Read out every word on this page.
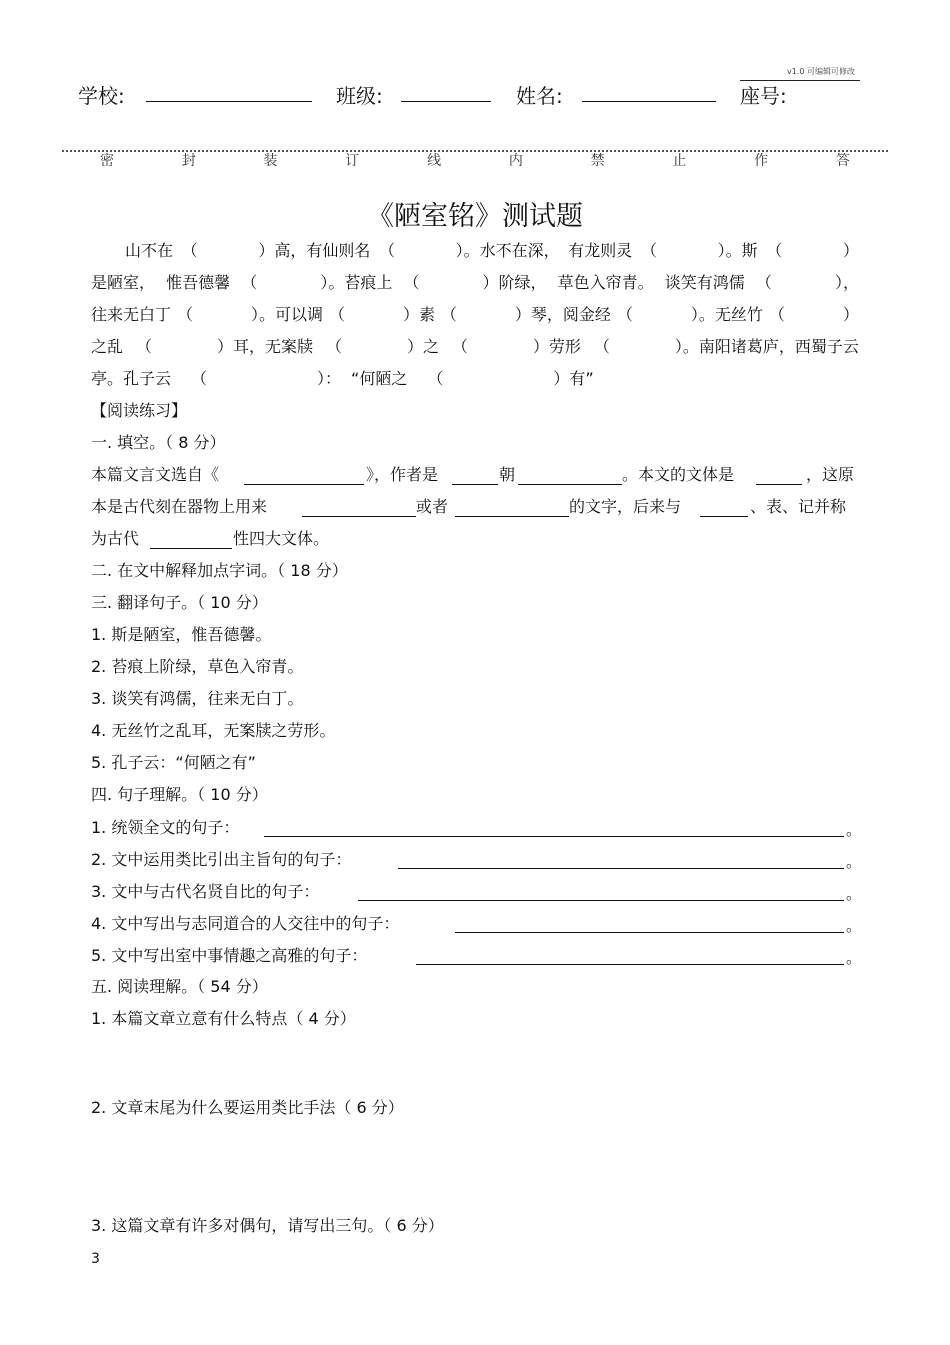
v1.0 可编辑可修改
学校:	班级:	姓名:	座号:
密	封	装	订	线	内	禁	止	作	答
《陋室铭》测试题
山不在 （	）高，有仙则名 （	）。水不在深， 有龙则灵 （	）。斯 （	）
是陋室， 惟吾德馨 （	）。苔痕上 （	）阶绿， 草色入帘青。 谈笑有鸿儒 （	），
往来无白丁 （	）。可以调 （	）素 （	）琴，阅金经 （	）。无丝竹 （	）
之乱 （	）耳，无案牍 （	）之 （	）劳形 （	）。南阳诸葛庐，西蜀子云
亭。孔子云 （	）： “何陋之 （	）有”
【阅读练习】
一. 填空。（ 8 分）
本篇文言文选自《	》，作者是	朝	。本文的文体是	，这原
本是古代刻在器物上用来	或者	的文字，后来与	、表、记并称
为古代	性四大文体。
二. 在文中解释加点字词。（ 18 分）
三. 翻译句子。（ 10 分）
1. 斯是陋室，惟吾德馨。
2. 苔痕上阶绿，草色入帘青。
3. 谈笑有鸿儒，往来无白丁。
4. 无丝竹之乱耳，无案牍之劳形。
5. 孔子云：“何陋之有”
四. 句子理解。（ 10 分）
1. 统领全文的句子：	。
2. 文中运用类比引出主旨句的句子：	。
3. 文中与古代名贤自比的句子：	。
4. 文中写出与志同道合的人交往中的句子：	。
5. 文中写出室中事情趣之高雅的句子：	。
五. 阅读理解。（ 54 分）
1. 本篇文章立意有什么特点（ 4 分）
2. 文章末尾为什么要运用类比手法（ 6 分）
3. 这篇文章有许多对偶句，请写出三句。（ 6 分）
3
